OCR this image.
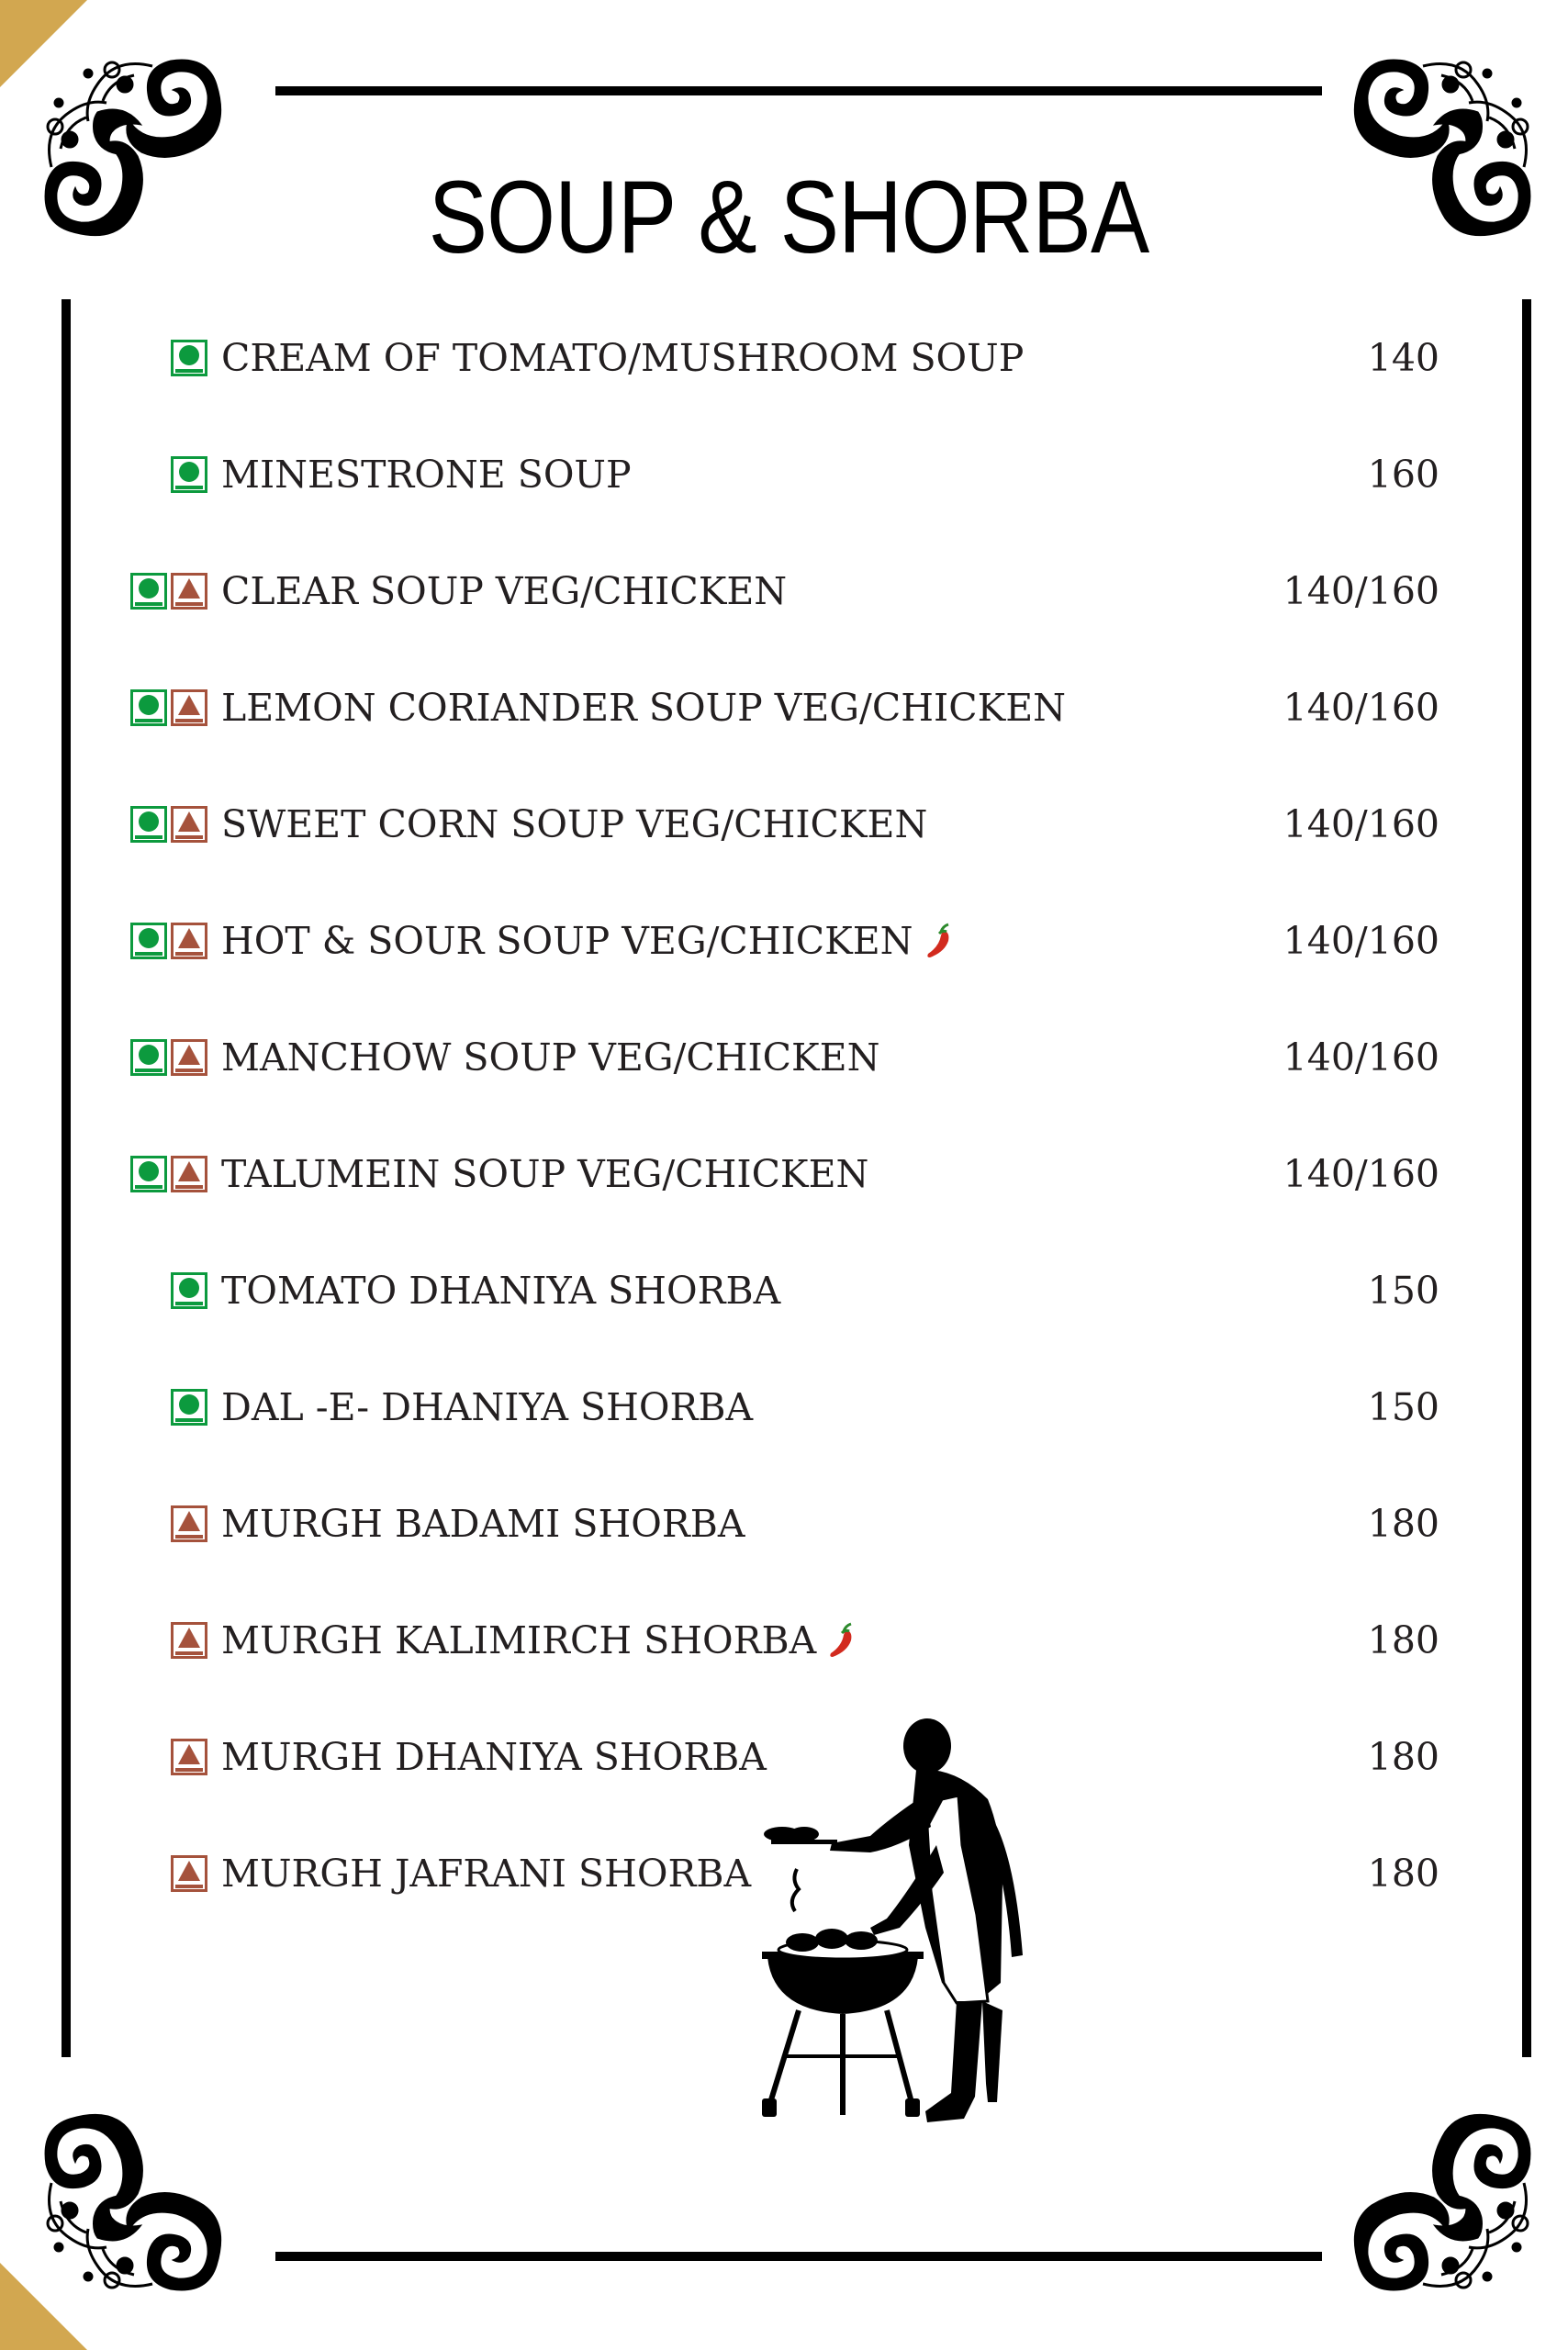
SOUP & SHORBA
CREAM OF TOMATO/MUSHROOM SOUP	140
MINESTRONE SOUP	160
CLEAR SOUP VEG/CHICKEN	140/160
LEMON CORIANDER SOUP VEG/CHICKEN	140/160
SWEET CORN SOUP VEG/CHICKEN	140/160
HOT & SOUR SOUP VEG/CHICKEN	140/160
MANCHOW SOUP VEG/CHICKEN	140/160
TALUMEIN SOUP VEG/CHICKEN	140/160
TOMATO DHANIYA SHORBA	150
DAL -E- DHANIYA SHORBA	150
MURGH BADAMI SHORBA	180
MURGH KALIMIRCH SHORBA	180
MURGH DHANIYA SHORBA	180
MURGH JAFRANI SHORBA	180
